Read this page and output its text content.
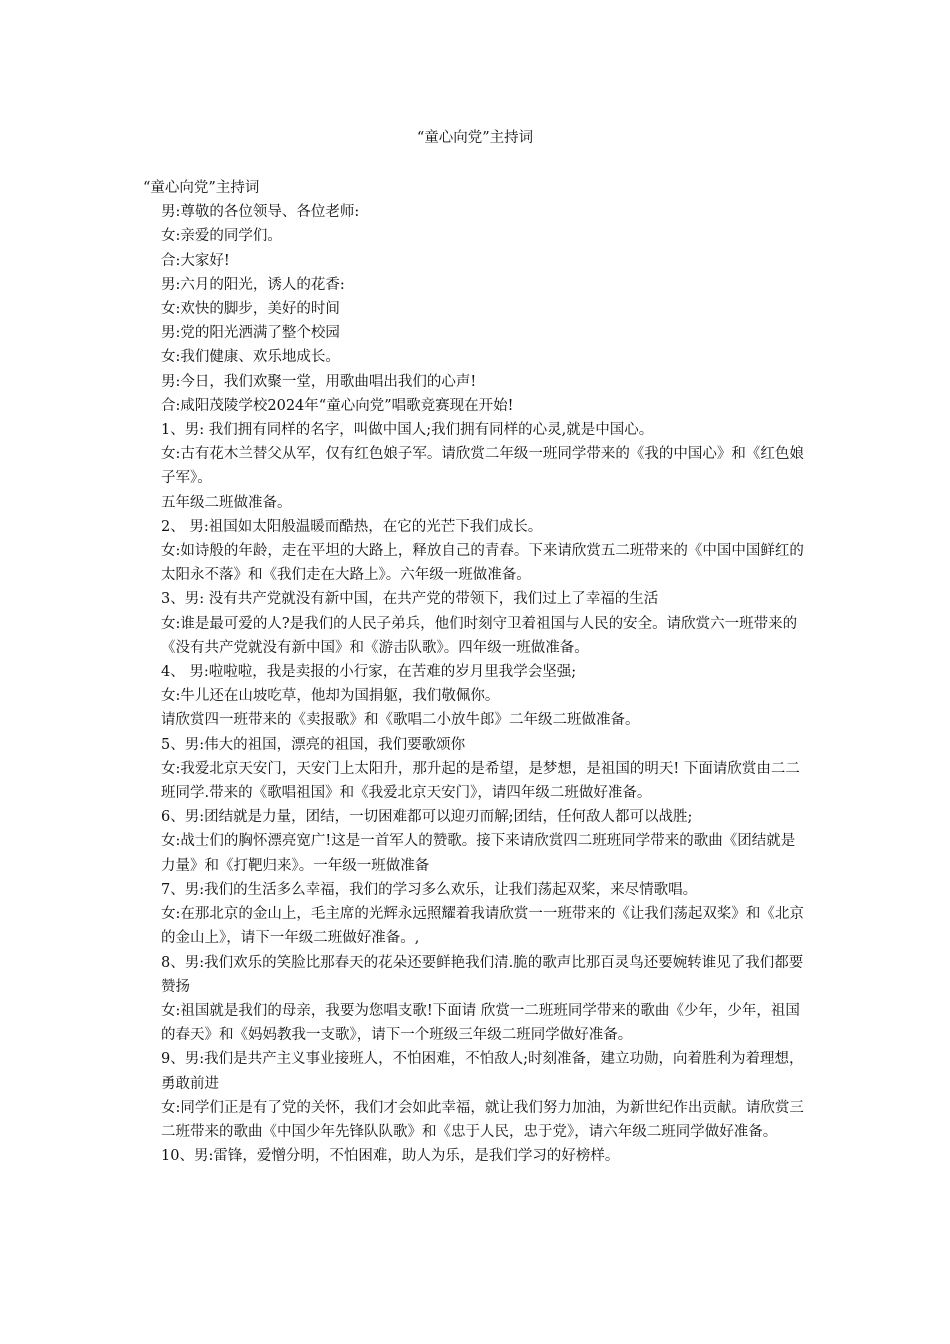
“童心向党”主持词

“童心向党”主持词

男:尊敬的各位领导、各位老师:

女:亲爱的同学们。

合:大家好!

男:六月的阳光，诱人的花香:

女:欢快的脚步，美好的时间

男:党的阳光洒满了整个校园

女:我们健康、欢乐地成长。

男:今日，我们欢聚一堂，用歌曲唱出我们的心声!

合:咸阳茂陵学校2024年“童心向党”唱歌竞赛现在开始!

1、男: 我们拥有同样的名字，叫做中国人;我们拥有同样的心灵,就是中国心。

女:古有花木兰替父从军，仅有红色娘子军。请欣赏二年级一班同学带来的《我的中国心》和《红色娘子军》。

五年级二班做准备。

2、 男:祖国如太阳般温暖而酷热，在它的光芒下我们成长。

女:如诗般的年龄，走在平坦的大路上，释放自己的青春。下来请欣赏五二班带来的《中国中国鲜红的太阳永不落》和《我们走在大路上》。六年级一班做准备。

3、男: 没有共产党就没有新中国，在共产党的带领下，我们过上了幸福的生活

女:谁是最可爱的人?是我们的人民子弟兵，他们时刻守卫着祖国与人民的安全。请欣赏六一班带来的《没有共产党就没有新中国》和《游击队歌》。四年级一班做准备。

4、 男:啦啦啦，我是卖报的小行家，在苦难的岁月里我学会坚强;

女:牛儿还在山坡吃草，他却为国捐躯，我们敬佩你。

请欣赏四一班带来的《卖报歌》和《歌唱二小放牛郎》二年级二班做准备。

5、男:伟大的祖国，漂亮的祖国，我们要歌颂你

女:我爱北京天安门，天安门上太阳升，那升起的是希望，是梦想，是祖国的明天! 下面请欣赏由二二班同学.带来的《歌唱祖国》和《我爱北京天安门》，请四年级二班做好准备。

6、男:团结就是力量，团结，一切困难都可以迎刃而解;团结，任何敌人都可以战胜;

女:战士们的胸怀漂亮宽广!这是一首军人的赞歌。接下来请欣赏四二班班同学带来的歌曲《团结就是力量》和《打靶归来》。一年级一班做准备

7、男:我们的生活多么幸福，我们的学习多么欢乐，让我们荡起双桨，来尽情歌唱。

女:在那北京的金山上，毛主席的光辉永远照耀着我请欣赏一一班带来的《让我们荡起双桨》和《北京的金山上》，请下一年级二班做好准备。,

8、男:我们欢乐的笑脸比那春天的花朵还要鲜艳我们清.脆的歌声比那百灵鸟还要婉转谁见了我们都要赞扬

女:祖国就是我们的母亲，我要为您唱支歌!下面请 欣赏一二班班同学带来的歌曲《少年，少年，祖国的春天》和《妈妈教我一支歌》，请下一个班级三年级二班同学做好准备。

9、男:我们是共产主义事业接班人，不怕困难，不怕敌人;时刻准备，建立功勋，向着胜利为着理想，勇敢前进

女:同学们正是有了党的关怀，我们才会如此幸福，就让我们努力加油，为新世纪作出贡献。请欣赏三二班带来的歌曲《中国少年先锋队队歌》和《忠于人民，忠于党》，请六年级二班同学做好准备。

10、男:雷锋，爱憎分明，不怕困难，助人为乐，是我们学习的好榜样。
